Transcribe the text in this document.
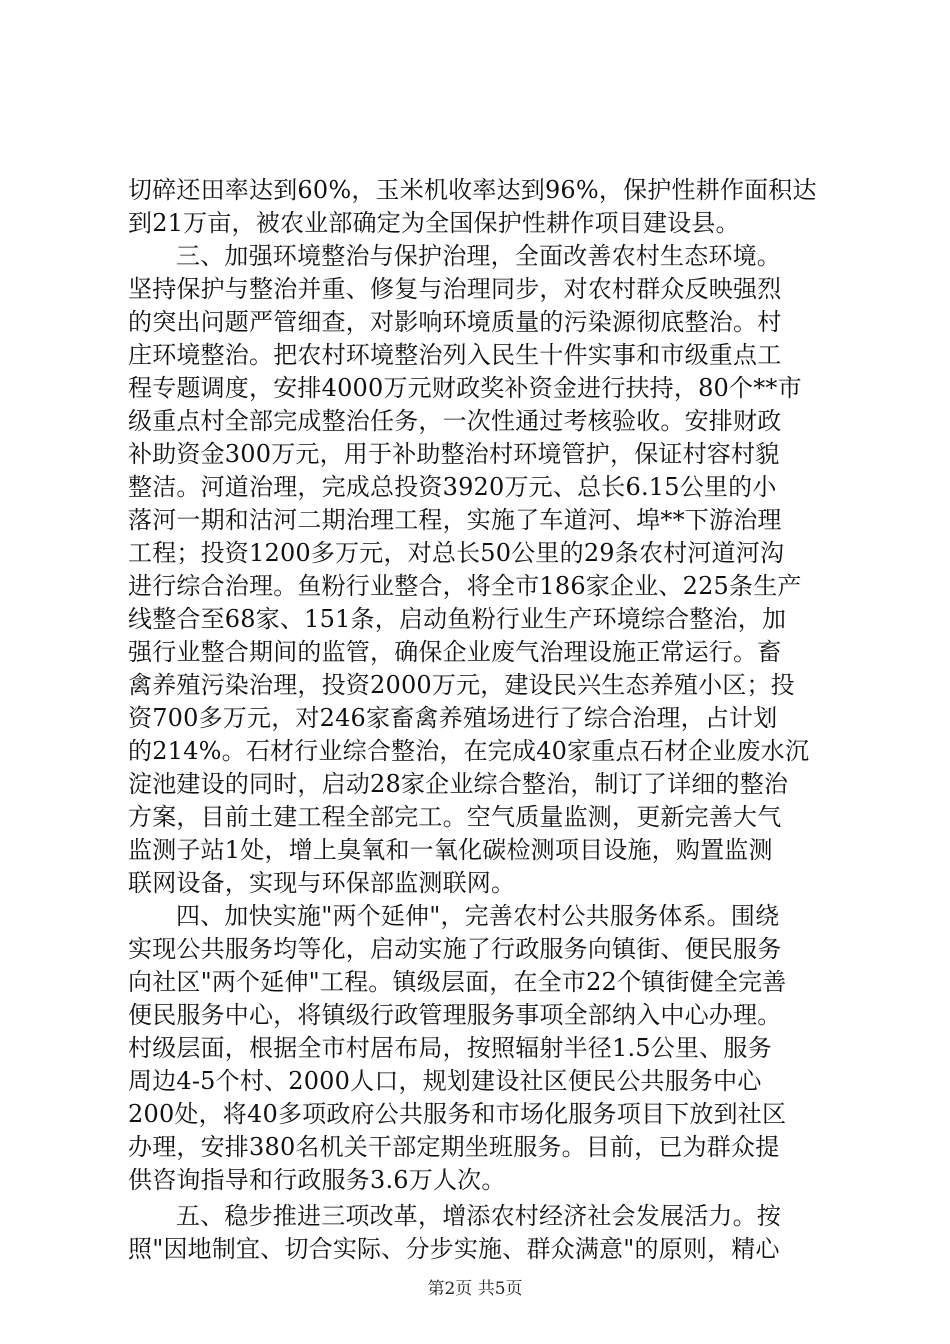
切碎还田率达到60%，玉米机收率达到96%，保护性耕作面积达
到21万亩，被农业部确定为全国保护性耕作项目建设县。
三、加强环境整治与保护治理，全面改善农村生态环境。
坚持保护与整治并重、修复与治理同步，对农村群众反映强烈
的突出问题严管细查，对影响环境质量的污染源彻底整治。村
庄环境整治。把农村环境整治列入民生十件实事和市级重点工
程专题调度，安排4000万元财政奖补资金进行扶持，80个**市
级重点村全部完成整治任务，一次性通过考核验收。安排财政
补助资金300万元，用于补助整治村环境管护，保证村容村貌
整洁。河道治理，完成总投资3920万元、总长6.15公里的小
落河一期和沽河二期治理工程，实施了车道河、埠**下游治理
工程；投资1200多万元，对总长50公里的29条农村河道河沟
进行综合治理。鱼粉行业整合，将全市186家企业、225条生产
线整合至68家、151条，启动鱼粉行业生产环境综合整治，加
强行业整合期间的监管，确保企业废气治理设施正常运行。畜
禽养殖污染治理，投资2000万元，建设民兴生态养殖小区；投
资700多万元，对246家畜禽养殖场进行了综合治理，占计划
的214%。石材行业综合整治，在完成40家重点石材企业废水沉
淀池建设的同时，启动28家企业综合整治，制订了详细的整治
方案，目前土建工程全部完工。空气质量监测，更新完善大气
监测子站1处，增上臭氧和一氧化碳检测项目设施，购置监测
联网设备，实现与环保部监测联网。
四、加快实施"两个延伸"，完善农村公共服务体系。围绕
实现公共服务均等化，启动实施了行政服务向镇街、便民服务
向社区"两个延伸"工程。镇级层面，在全市22个镇街健全完善
便民服务中心，将镇级行政管理服务事项全部纳入中心办理。
村级层面，根据全市村居布局，按照辐射半径1.5公里、服务
周边4-5个村、2000人口，规划建设社区便民公共服务中心
200处，将40多项政府公共服务和市场化服务项目下放到社区
办理，安排380名机关干部定期坐班服务。目前，已为群众提
供咨询指导和行政服务3.6万人次。
五、稳步推进三项改革，增添农村经济社会发展活力。按
照"因地制宜、切合实际、分步实施、群众满意"的原则，精心
第2页 共5页
